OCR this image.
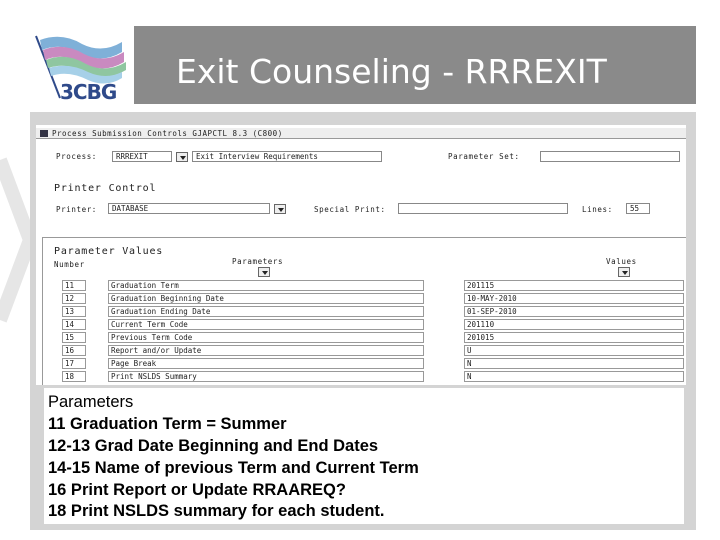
3CBG
Exit Counseling - RRREXIT
Process Submission Controls GJAPCTL 8.3 (C800)
Process:	RRREXIT	Exit Interview Requirements	Parameter Set:
Printer Control
Printer:	DATABASE	Special Print:	Lines:	55
Parameter Values
Number	Parameters	Values
11	Graduation Term	201115
12	Graduation Beginning Date	10-MAY-2010
13	Graduation Ending Date	01-SEP-2010
14	Current Term Code	201110
15	Previous Term Code	201015
16	Report and/or Update	U
17	Page Break	N
18	Print NSLDS Summary	N
Parameters
11 Graduation Term = Summer
12-13 Grad Date Beginning and End Dates
14-15 Name of previous Term and Current Term
16 Print Report or Update RRAAREQ?
18 Print NSLDS summary for each student.	0
